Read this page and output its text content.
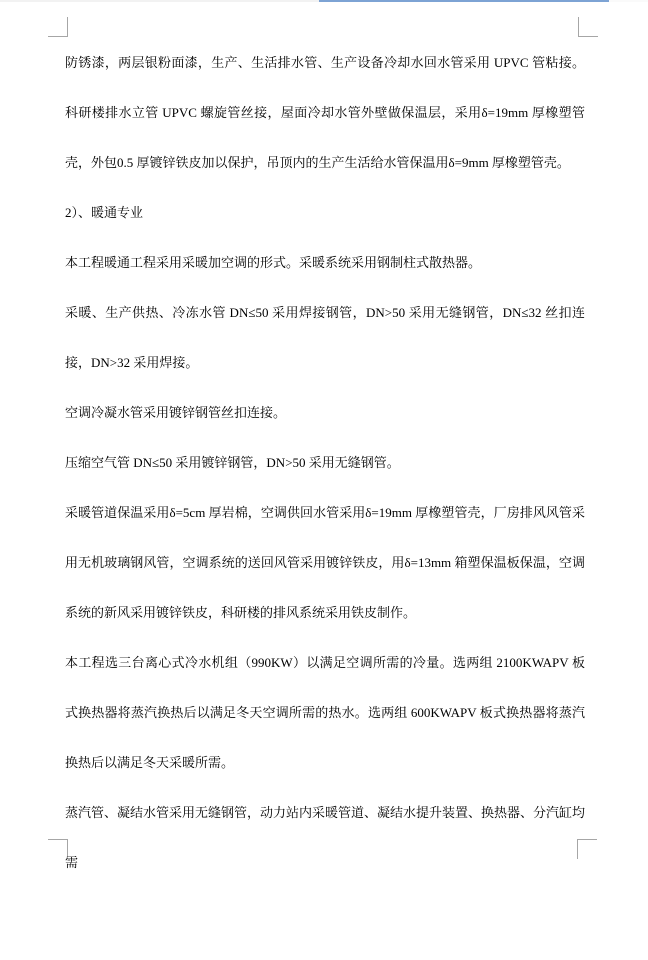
防锈漆，两层银粉面漆，生产、生活排水管、生产设备冷却水回水管采用 UPVC 管粘接。科研楼排水立管 UPVC 螺旋管丝接，屋面冷却水管外壁做保温层，采用δ=19mm 厚橡塑管壳，外包0.5 厚镀锌铁皮加以保护，吊顶内的生产生活给水管保温用δ=9mm 厚橡塑管壳。

2）、暖通专业

本工程暖通工程采用采暖加空调的形式。采暖系统采用钢制柱式散热器。

采暖、生产供热、冷冻水管 DN≤50 采用焊接钢管，DN>50 采用无缝钢管，DN≤32 丝扣连接，DN>32 采用焊接。

空调冷凝水管采用镀锌钢管丝扣连接。

压缩空气管 DN≤50 采用镀锌钢管，DN>50 采用无缝钢管。

采暖管道保温采用δ=5cm 厚岩棉，空调供回水管采用δ=19mm 厚橡塑管壳，厂房排风风管采用无机玻璃钢风管，空调系统的送回风管采用镀锌铁皮，用δ=13mm 箱塑保温板保温，空调系统的新风采用镀锌铁皮，科研楼的排风系统采用铁皮制作。

本工程选三台离心式冷水机组（990KW）以满足空调所需的冷量。选两组 2100KWAPV 板式换热器将蒸汽换热后以满足冬天空调所需的热水。选两组 600KWAPV 板式换热器将蒸汽换热后以满足冬天采暖所需。

蒸汽管、凝结水管采用无缝钢管，动力站内采暖管道、凝结水提升装置、换热器、分汽缸均需
